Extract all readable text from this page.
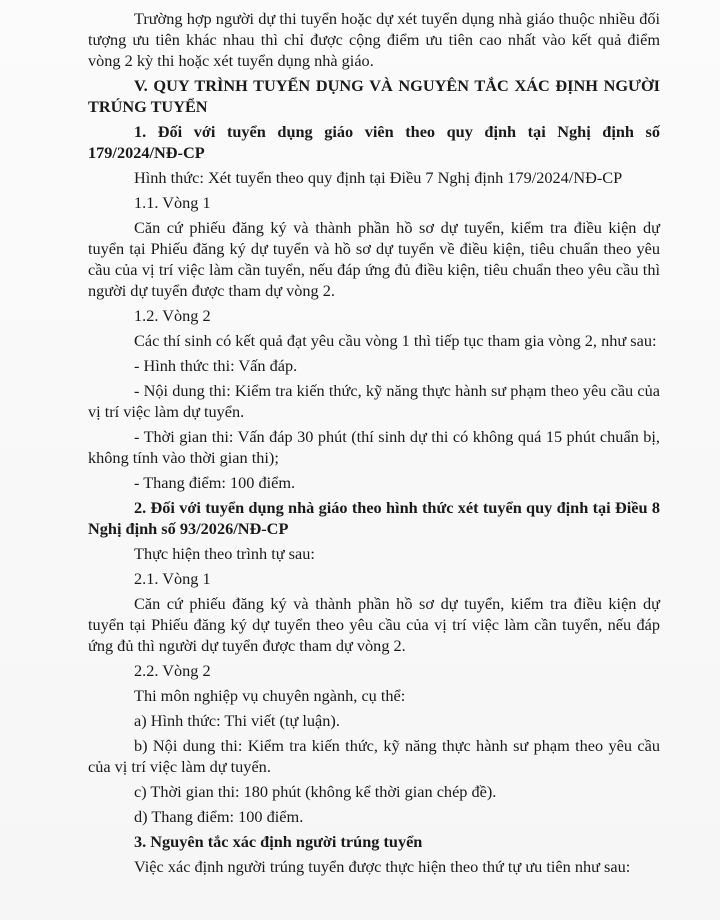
Trường hợp người dự thi tuyển hoặc dự xét tuyển dụng nhà giáo thuộc nhiều đối tượng ưu tiên khác nhau thì chỉ được cộng điểm ưu tiên cao nhất vào kết quả điểm vòng 2 kỳ thi hoặc xét tuyển dụng nhà giáo.

V. QUY TRÌNH TUYỂN DỤNG VÀ NGUYÊN TẮC XÁC ĐỊNH NGƯỜI TRÚNG TUYỂN
1. Đối với tuyển dụng giáo viên theo quy định tại Nghị định số 179/2024/NĐ-CP

Hình thức: Xét tuyển theo quy định tại Điều 7 Nghị định 179/2024/NĐ-CP

1.1. Vòng 1

Căn cứ phiếu đăng ký và thành phần hồ sơ dự tuyển, kiểm tra điều kiện dự tuyển tại Phiếu đăng ký dự tuyển và hồ sơ dự tuyển về điều kiện, tiêu chuẩn theo yêu cầu của vị trí việc làm cần tuyển, nếu đáp ứng đủ điều kiện, tiêu chuẩn theo yêu cầu thì người dự tuyển được tham dự vòng 2.

1.2. Vòng 2

Các thí sinh có kết quả đạt yêu cầu vòng 1 thì tiếp tục tham gia vòng 2, như sau:

- Hình thức thi: Vấn đáp.

- Nội dung thi: Kiểm tra kiến thức, kỹ năng thực hành sư phạm theo yêu cầu của vị trí việc làm dự tuyển.

- Thời gian thi: Vấn đáp 30 phút (thí sinh dự thi có không quá 15 phút chuẩn bị, không tính vào thời gian thi);

- Thang điểm: 100 điểm.

2. Đối với tuyển dụng nhà giáo theo hình thức xét tuyển quy định tại Điều 8 Nghị định số 93/2026/NĐ-CP

Thực hiện theo trình tự sau:

2.1. Vòng 1

Căn cứ phiếu đăng ký và thành phần hồ sơ dự tuyển, kiểm tra điều kiện dự tuyển tại Phiếu đăng ký dự tuyển theo yêu cầu của vị trí việc làm cần tuyển, nếu đáp ứng đủ thì người dự tuyển được tham dự vòng 2.

2.2. Vòng 2

Thi môn nghiệp vụ chuyên ngành, cụ thể:

a) Hình thức: Thi viết (tự luận).

b) Nội dung thi: Kiểm tra kiến thức, kỹ năng thực hành sư phạm theo yêu cầu của vị trí việc làm dự tuyển.

c) Thời gian thi: 180 phút (không kể thời gian chép đề).

d) Thang điểm: 100 điểm.

3. Nguyên tắc xác định người trúng tuyển

Việc xác định người trúng tuyển được thực hiện theo thứ tự ưu tiên như sau:
